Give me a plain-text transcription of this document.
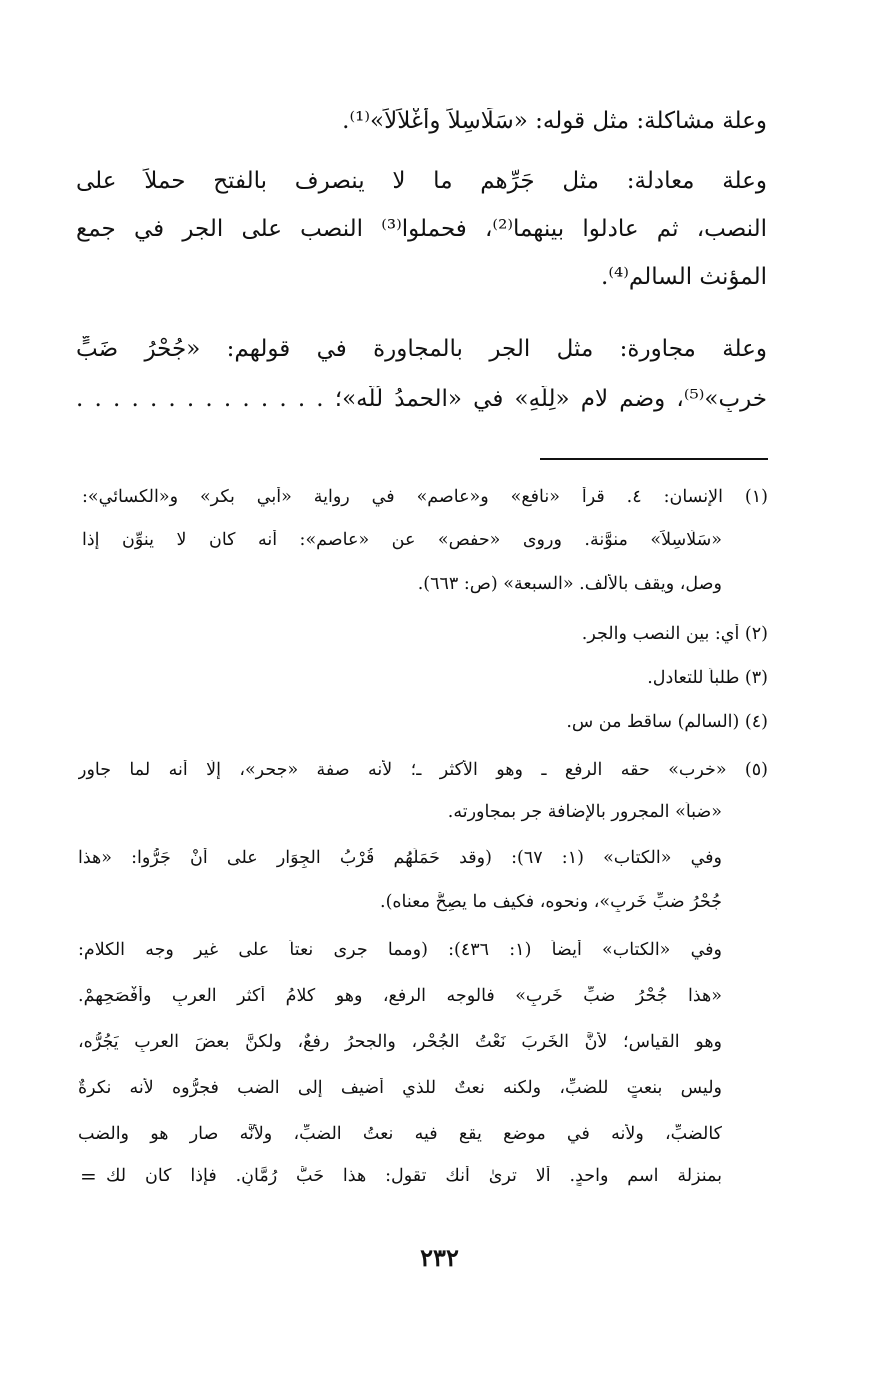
وعلة مشاكلة: مثل قوله: «سَلَاسِلاً وأَغْلاَلاً»⁽¹⁾.
وعلة معادلة: مثل جَرِّهم ما لا ينصرف بالفتح حملاً على
النصب، ثم عادلوا بينهما⁽²⁾، فحملوا⁽³⁾ النصب على الجر في جمع
المؤنث السالم⁽⁴⁾.
وعلة مجاورة: مثل الجر بالمجاورة في قولهم: «جُحْرُ ضَبٍّ
خربٍ»⁽⁵⁾، وضم لام «لِلَّهِ» في «الحمدُ لُلّه»؛ . . . . . . . . . . . . . .
(١) الإنسان: ٤. قرأ «نافع» و«عاصم» في رواية «أبي بكر» و«الكسائي»:
«سَلَاسِلاً» منوَّنة. وروى «حفص» عن «عاصم»: أنه كان لا ينوِّن إذا
وصل، ويقف بالألف. «السبعة» (ص: ٦٦٣).
(٢) أي: بين النصب والجر.
(٣) طلباً للتعادل.
(٤) (السالم) ساقط من س.
(٥) «خرب» حقه الرفع ـ وهو الأكثر ـ؛ لأنه صفة «جحر»، إلَّا أنه لما جاور
«ضباً» المجرور بالإضافة جر بمجاورته.
وفي «الكتاب» (١: ٦٧): (وقد حَمَلَهُم قُرْبُ الجِوَارِ على أنْ جَرُّوا: «هذا
جُحْرُ ضبِّ خَرِبٍ»، ونحوه، فكيف ما يصِحُّ معناه).
وفي «الكتاب» أيضاً (١: ٤٣٦): (ومما جرى نعتاً على غير وجه الكلام:
«هذا جُحْرُ ضبِّ خَرِبٍ» فالوجه الرفع، وهو كلامُ أكثرِ العربِ وأفْصَحِهِمْ.
وهو القياس؛ لأنَّ الخَرِبَ نَعْتُ الجُحْرِ، والجحرُ رفعٌ، ولكنَّ بعضَ العربِ يَجُرُّه،
وليس بنعتٍ للضبِّ، ولكنه نعتٌ للذي أُضيف إلى الضب فجرُّوه لأنه نكرةٌ
كالضبِّ، ولأنه في موضعٍ يقع فيه نعتُ الضبِّ، ولأنَّه صار هو والضب
بمنزلة اسم واحدٍ. ألا ترىٰ أنك تقول: هذا حَبُّ رُمَّانٍ. فإذا كان لك
=
٢٣٢
